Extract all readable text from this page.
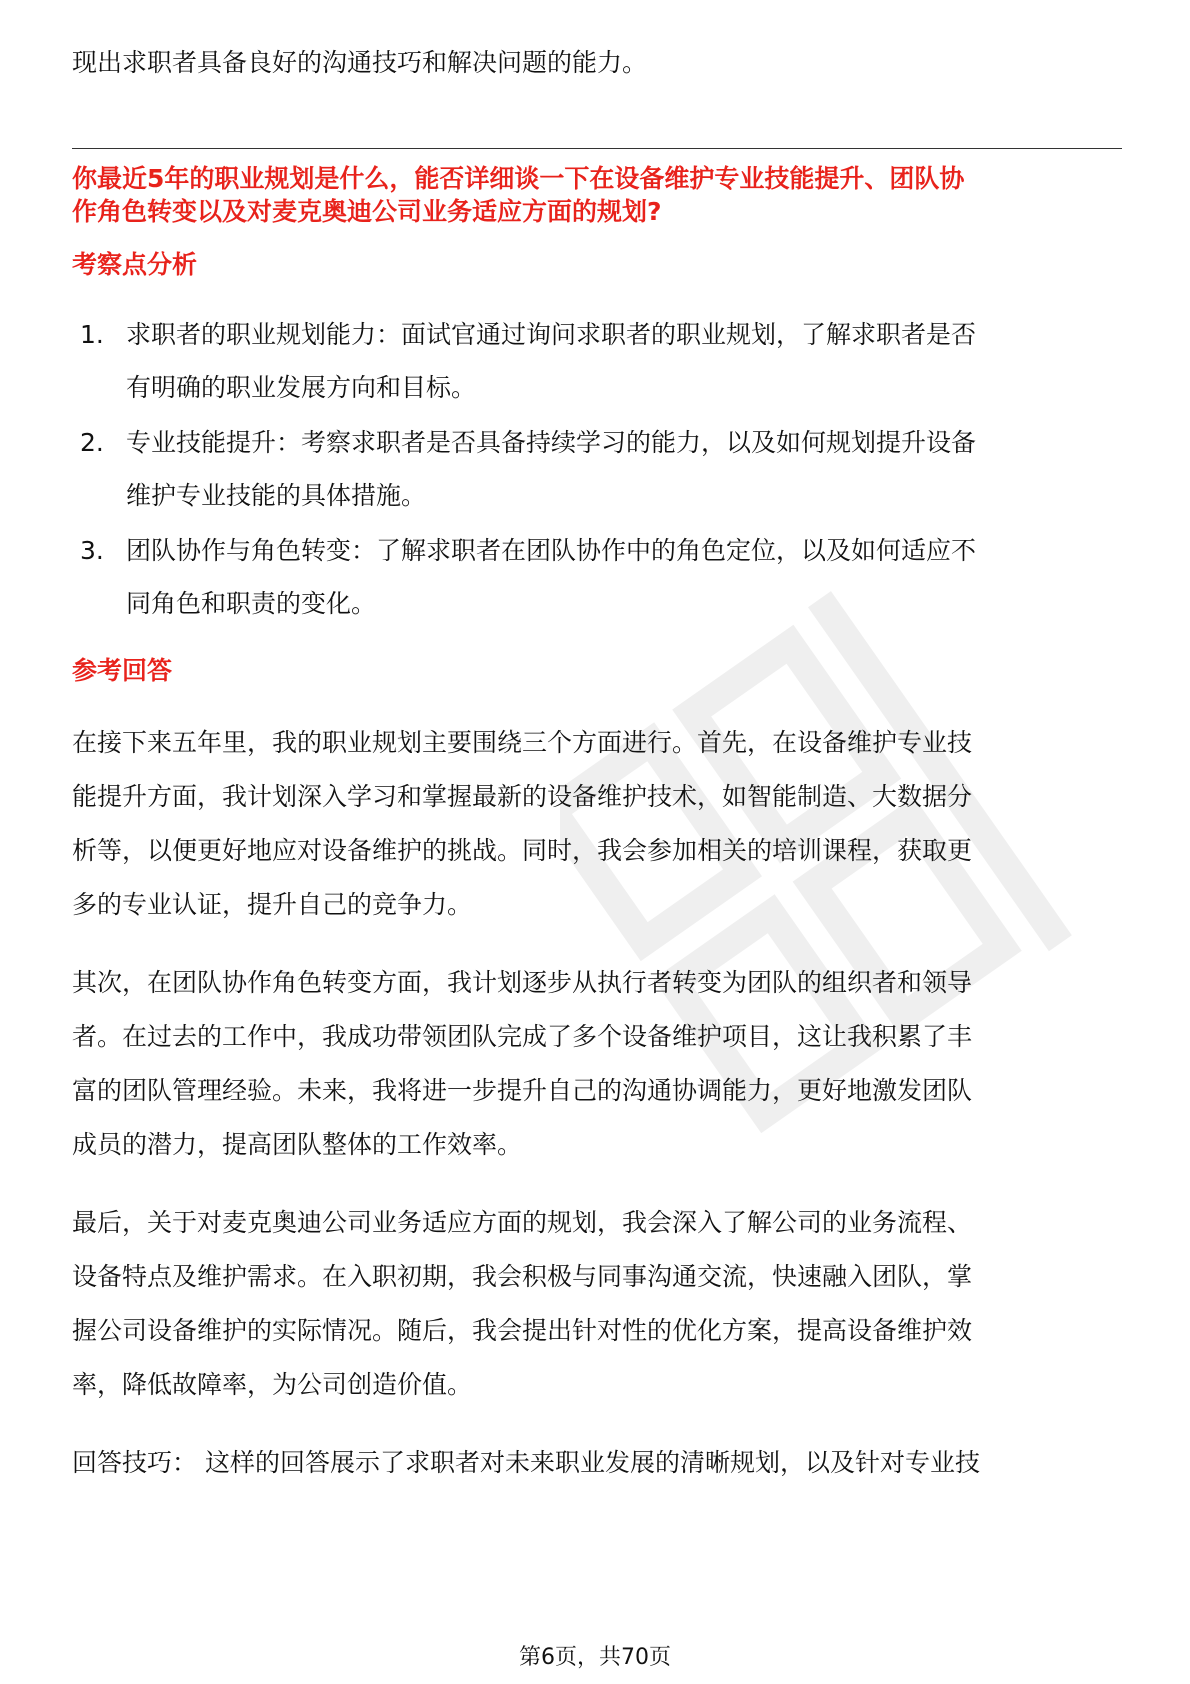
现出求职者具备良好的沟通技巧和解决问题的能力。
你最近5年的职业规划是什么，能否详细谈一下在设备维护专业技能提升、团队协
作角色转变以及对麦克奥迪公司业务适应方面的规划?
考察点分析
1. 求职者的职业规划能力：面试官通过询问求职者的职业规划，了解求职者是否
有明确的职业发展方向和目标。
2. 专业技能提升：考察求职者是否具备持续学习的能力，以及如何规划提升设备
维护专业技能的具体措施。
3. 团队协作与角色转变：了解求职者在团队协作中的角色定位，以及如何适应不
同角色和职责的变化。
参考回答
在接下来五年里，我的职业规划主要围绕三个方面进行。首先，在设备维护专业技
能提升方面，我计划深入学习和掌握最新的设备维护技术，如智能制造、大数据分
析等，以便更好地应对设备维护的挑战。同时，我会参加相关的培训课程，获取更
多的专业认证，提升自己的竞争力。
其次，在团队协作角色转变方面，我计划逐步从执行者转变为团队的组织者和领导
者。在过去的工作中，我成功带领团队完成了多个设备维护项目，这让我积累了丰
富的团队管理经验。未来，我将进一步提升自己的沟通协调能力，更好地激发团队
成员的潜力，提高团队整体的工作效率。
最后，关于对麦克奥迪公司业务适应方面的规划，我会深入了解公司的业务流程、
设备特点及维护需求。在入职初期，我会积极与同事沟通交流，快速融入团队，掌
握公司设备维护的实际情况。随后，我会提出针对性的优化方案，提高设备维护效
率，降低故障率，为公司创造价值。
回答技巧： 这样的回答展示了求职者对未来职业发展的清晰规划，以及针对专业技
第6页，共70页
